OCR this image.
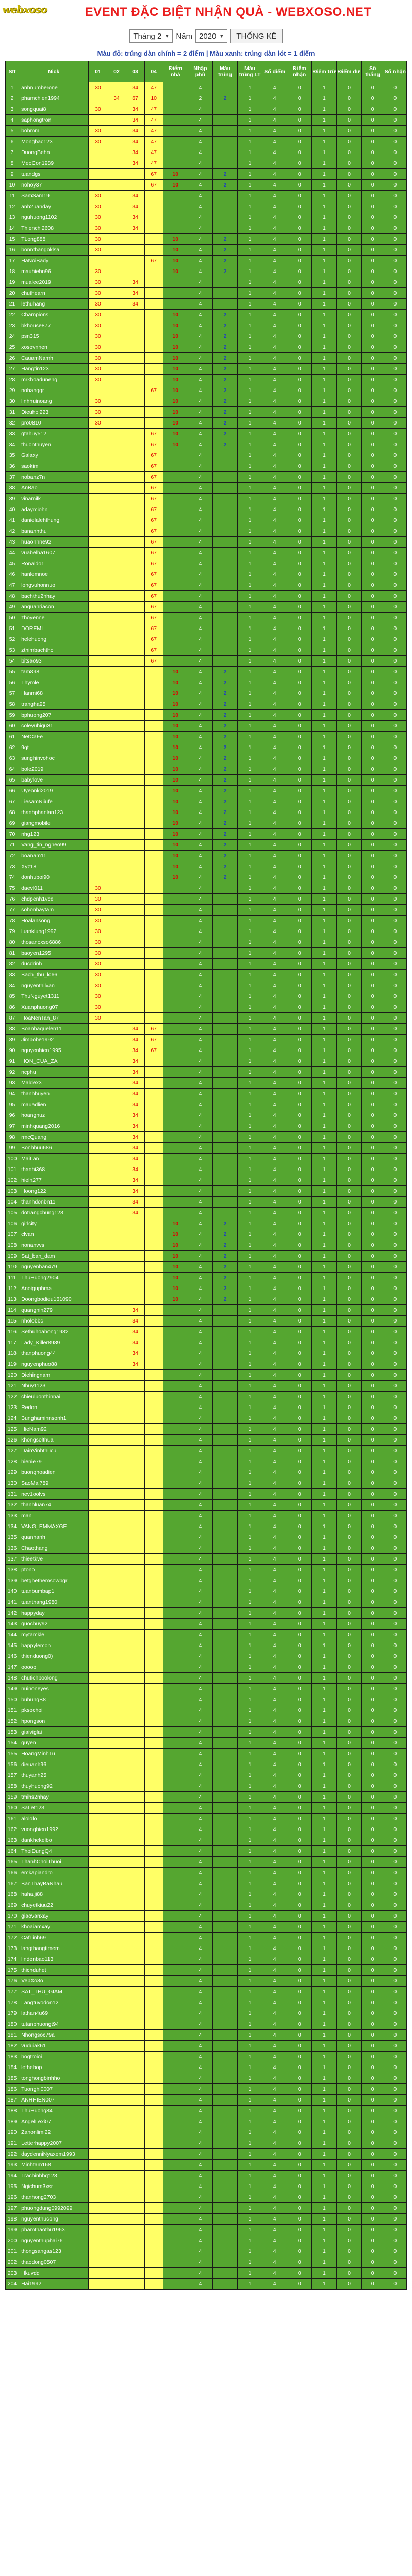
webxoso	EVENT ĐẶC BIỆT NHẬN QUÀ - WEBXOSO.NET
Tháng 2 ▼ Năm 2020 ▼	THỐNG KÊ
Màu đỏ: trúng dàn chính = 2 điểm | Màu xanh: trúng dàn lót = 1 điểm
Stt	Nick	01	02	03	04	Điểm nhà	Nhập phủ	Màu trúng	Màu trúng LT	Số điểm	Điểm nhận	Điểm trừ	Điểm dư	Số thắng	Số nhận
1	anhnumberone	30		34	47		4		1	4	0	1	0	0	0
2	phamchien1994		34	67	10		2	2	1	4	0	1	0	0	0
3	songquai8	30		34	47		4		1	4	0	1	0	0	0
4	saphongtron			34	47		4		1	4	0	1	0	0	0
5	bobmm	30		34	47		4		1	4	0	1	0	0	0
6	Mongbac123	30		34	47		4		1	4	0	1	0	0	0
7	DuongBehn			34	47		4		1	4	0	1	0	0	0
8	MeoCon1989			34	47		4		1	4	0	1	0	0	0
9	tuandgs				67	10	4	2	1	4	0	1	0	0	0
10	nohoy37				67	10	4	2	1	4	0	1	0	0	0
11	SamSam19	30		34			4		1	4	0	1	0	0	0
12	anh2uanday	30		34			4		1	4	0	1	0	0	0
13	nguhuong1102	30		34			4		1	4	0	1	0	0	0
14	Thienchi2608	30		34			4		1	4	0	1	0	0	0
15	TLong888	30				10	4	2	1	4	0	1	0	0	0
16	bonnthangoklsa	30				10	4	2	1	4	0	1	0	0	0
17	HaNoiBady				67	10	4	2	1	4	0	1	0	0	0
18	mauhiebn96	30				10	4	2	1	4	0	1	0	0	0
19	mualee2019	30		34			4		1	4	0	1	0	0	0
20	chuthearn	30		34			4		1	4	0	1	0	0	0
21	lethuhang	30		34			4		1	4	0	1	0	0	0
22	Champions	30				10	4	2	1	4	0	1	0	0	0
23	bkhouse877	30				10	4	2	1	4	0	1	0	0	0
24	psn315	30				10	4	2	1	4	0	1	0	0	0
25	xosovnnen	30				10	4	2	1	4	0	1	0	0	0
26	CauamNamh	30				10	4	2	1	4	0	1	0	0	0
27	Hangtin123	30				10	4	2	1	4	0	1	0	0	0
28	mrkhoaduneng	30				10	4	2	1	4	0	1	0	0	0
29	nohangqr				67	10	4	2	1	4	0	1	0	0	0
30	linhhuinoang	30				10	4	2	1	4	0	1	0	0	0
31	Dieuhoi223	30				10	4	2	1	4	0	1	0	0	0
32	pro0810	30				10	4	2	1	4	0	1	0	0	0
33	gtahuy512				67	10	4	2	1	4	0	1	0	0	0
34	thuonthuyen				67	10	4	2	1	4	0	1	0	0	0
35	Galaxy				67		4		1	4	0	1	0	0	0
36	saokim				67		4		1	4	0	1	0	0	0
37	nobanz7n				67		4		1	4	0	1	0	0	0
38	AnBao				67		4		1	4	0	1	0	0	0
39	vinamilk				67		4		1	4	0	1	0	0	0
40	adaymiohn				67		4		1	4	0	1	0	0	0
41	danielalehthung				67		4		1	4	0	1	0	0	0
42	bananhthu				67		4		1	4	0	1	0	0	0
43	huaonhne92				67		4		1	4	0	1	0	0	0
44	vuabelha1607				67		4		1	4	0	1	0	0	0
45	Ronaldo1				67		4		1	4	0	1	0	0	0
46	hanlemnoe				67		4		1	4	0	1	0	0	0
47	longvuhonnuo				67		4		1	4	0	1	0	0	0
48	bachthu2nhay				67		4		1	4	0	1	0	0	0
49	anquanriacon				67		4		1	4	0	1	0	0	0
50	zhoyenne				67		4		1	4	0	1	0	0	0
51	DOREMI				67		4		1	4	0	1	0	0	0
52	helehuong				67		4		1	4	0	1	0	0	0
53	zthimbachtho				67		4		1	4	0	1	0	0	0
54	bitsao93				67		4		1	4	0	1	0	0	0
55	tam898					10	4	2	1	4	0	1	0	0	0
56	Thymle					10	4	2	1	4	0	1	0	0	0
57	Hanmi68					10	4	2	1	4	0	1	0	0	0
58	trangha95					10	4	2	1	4	0	1	0	0	0
59	bphuong207					10	4	2	1	4	0	1	0	0	0
60	coleyuhiqu31					10	4	2	1	4	0	1	0	0	0
61	NetCaFe					10	4	2	1	4	0	1	0	0	0
62	9qt					10	4	2	1	4	0	1	0	0	0
63	sunghinvohoc					10	4	2	1	4	0	1	0	0	0
64	bole2019					10	4	2	1	4	0	1	0	0	0
65	babylove					10	4	2	1	4	0	1	0	0	0
66	Uyeonki2019					10	4	2	1	4	0	1	0	0	0
67	LiesamNiiufe					10	4	2	1	4	0	1	0	0	0
68	thanhphanlan123					10	4	2	1	4	0	1	0	0	0
69	giangmobile					10	4	2	1	4	0	1	0	0	0
70	nhg123					10	4	2	1	4	0	1	0	0	0
71	Vang_tin_ngheo99					10	4	2	1	4	0	1	0	0	0
72	boanam11					10	4	2	1	4	0	1	0	0	0
73	Xyz18					10	4	2	1	4	0	1	0	0	0
74	donhuboi90					10	4	2	1	4	0	1	0	0	0
75	daevl011	30					4		1	4	0	1	0	0	0
76	chdpenh1vce	30					4		1	4	0	1	0	0	0
77	sohonhaytam	30					4		1	4	0	1	0	0	0
78	Hoalansong	30					4		1	4	0	1	0	0	0
79	luanklung1992	30					4		1	4	0	1	0	0	0
80	thosanoxso6886	30					4		1	4	0	1	0	0	0
81	baoyen1295	30					4		1	4	0	1	0	0	0
82	ducdrinh	30					4		1	4	0	1	0	0	0
83	Bach_thu_lo66	30					4		1	4	0	1	0	0	0
84	nguyenthilvan	30					4		1	4	0	1	0	0	0
85	ThuNguyet1311	30					4		1	4	0	1	0	0	0
86	Xuanphuong07	30					4		1	4	0	1	0	0	0
87	HoaNenTan_87	30					4		1	4	0	1	0	0	0
88	Boanhaquelen11			34	67		4		1	4	0	1	0	0	0
89	Jimbobe1992			34	67		4		1	4	0	1	0	0	0
90	nguyenhien1995			34	67		4		1	4	0	1	0	0	0
91	HON_CUA_ZA			34			4		1	4	0	1	0	0	0
92	ncphu			34			4		1	4	0	1	0	0	0
93	Maldex3			34			4		1	4	0	1	0	0	0
94	thanhhuyen			34			4		1	4	0	1	0	0	0
95	mauadlien			34			4		1	4	0	1	0	0	0
96	hoangnuz			34			4		1	4	0	1	0	0	0
97	minhquang2016			34			4		1	4	0	1	0	0	0
98	rmcQuang			34			4		1	4	0	1	0	0	0
99	Bonhhuu686			34			4		1	4	0	1	0	0	0
100	MaiLan			34			4		1	4	0	1	0	0	0
101	thanhi368			34			4		1	4	0	1	0	0	0
102	hieln277			34			4		1	4	0	1	0	0	0
103	Hoong122			34			4		1	4	0	1	0	0	0
104	thanhdonbn11			34			4		1	4	0	1	0	0	0
105	dotrangchung123			34			4		1	4	0	1	0	0	0
106	girlcity					10	4	2	1	4	0	1	0	0	0
107	clvan					10	4	2	1	4	0	1	0	0	0
108	nonanvvs					10	4	2	1	4	0	1	0	0	0
109	Sat_ban_dam					10	4	2	1	4	0	1	0	0	0
110	nguyenhan479					10	4	2	1	4	0	1	0	0	0
111	ThuHuong2904					10	4	2	1	4	0	1	0	0	0
112	Anoiguphma					10	4	2	1	4	0	1	0	0	0
113	Doongbodieu161090					10	4	2	1	4	0	1	0	0	0
114	quangnin279			34			4		1	4	0	1	0	0	0
115	nholobbc			34			4		1	4	0	1	0	0	0
116	Sethuhoahong1982			34			4		1	4	0	1	0	0	0
117	Lady_Killer8989			34			4		1	4	0	1	0	0	0
118	thanphuong44			34			4		1	4	0	1	0	0	0
119	nguyenphuo88			34			4		1	4	0	1	0	0	0
120	Diehingnam						4		1	4	0	1	0	0	0
121	Nhuy1123						4		1	4	0	1	0	0	0
122	chieuluonthinnai						4		1	4	0	1	0	0	0
123	Redon						4		1	4	0	1	0	0	0
124	Bunghaminnsonh1						4		1	4	0	1	0	0	0
125	HieNam92						4		1	4	0	1	0	0	0
126	khongsolthua						4		1	4	0	1	0	0	0
127	DainVinhthucu						4		1	4	0	1	0	0	0
128	hienie79						4		1	4	0	1	0	0	0
129	buonghoadien						4		1	4	0	1	0	0	0
130	SaoMai789						4		1	4	0	1	0	0	0
131	nev1oolvs						4		1	4	0	1	0	0	0
132	thanhluan74						4		1	4	0	1	0	0	0
133	man						4		1	4	0	1	0	0	0
134	VANG_EMMAXGE						4		1	4	0	1	0	0	0
135	quanhanh						4		1	4	0	1	0	0	0
136	Chaothang						4		1	4	0	1	0	0	0
137	thieetkve						4		1	4	0	1	0	0	0
138	ptono						4		1	4	0	1	0	0	0
139	betghethemsowbgr						4		1	4	0	1	0	0	0
140	tuanbumbap1						4		1	4	0	1	0	0	0
141	tuanthang1980						4		1	4	0	1	0	0	0
142	happyday						4		1	4	0	1	0	0	0
143	quochuy92						4		1	4	0	1	0	0	0
144	mytamkle						4		1	4	0	1	0	0	0
145	happylemon						4		1	4	0	1	0	0	0
146	thienduong0)						4		1	4	0	1	0	0	0
147	ooooo						4		1	4	0	1	0	0	0
148	chutichboolong						4		1	4	0	1	0	0	0
149	nuinoneyes						4		1	4	0	1	0	0	0
150	buhungB8						4		1	4	0	1	0	0	0
151	pksochoi						4		1	4	0	1	0	0	0
152	hpongson						4		1	4	0	1	0	0	0
153	giaiviglai						4		1	4	0	1	0	0	0
154	guyen						4		1	4	0	1	0	0	0
155	HoangMinhTu						4		1	4	0	1	0	0	0
156	dieuanh96						4		1	4	0	1	0	0	0
157	thuyanh25						4		1	4	0	1	0	0	0
158	thuyhuong92						4		1	4	0	1	0	0	0
159	tmihs2nhay						4		1	4	0	1	0	0	0
160	SaLet123						4		1	4	0	1	0	0	0
161	alololo						4		1	4	0	1	0	0	0
162	vuonghien1992						4		1	4	0	1	0	0	0
163	dankhekelbo						4		1	4	0	1	0	0	0
164	ThoiDungQ4						4		1	4	0	1	0	0	0
165	ThanhChoiThuoi						4		1	4	0	1	0	0	0
166	emkapiandro						4		1	4	0	1	0	0	0
167	BanThayBaNhau						4		1	4	0	1	0	0	0
168	hahaiji88						4		1	4	0	1	0	0	0
169	chuyetkiuu22						4		1	4	0	1	0	0	0
170	giaovanxay						4		1	4	0	1	0	0	0
171	khoaiamxay						4		1	4	0	1	0	0	0
172	CafLinh69						4		1	4	0	1	0	0	0
173	langthangtimem						4		1	4	0	1	0	0	0
174	lindenbao113						4		1	4	0	1	0	0	0
175	thichduhet						4		1	4	0	1	0	0	0
176	VepXo3o						4		1	4	0	1	0	0	0
177	SAT_THU_GIAM						4		1	4	0	1	0	0	0
178	Langtuvodon12						4		1	4	0	1	0	0	0
179	lathan4u69						4		1	4	0	1	0	0	0
180	tutanphuongt94						4		1	4	0	1	0	0	0
181	Nhongsoc79a						4		1	4	0	1	0	0	0
182	vuduiak61						4		1	4	0	1	0	0	0
183	hogtroioi						4		1	4	0	1	0	0	0
184	lethebop						4		1	4	0	1	0	0	0
185	tonghongbinhho						4		1	4	0	1	0	0	0
186	Tuonghi0007						4		1	4	0	1	0	0	0
187	ANHHIEN007						4		1	4	0	1	0	0	0
188	ThuHuong84						4		1	4	0	1	0	0	0
189	AngelLexi07						4		1	4	0	1	0	0	0
190	Zanonlimi22						4		1	4	0	1	0	0	0
191	Letterhappy2007						4		1	4	0	1	0	0	0
192	daydenniNyaxem1993						4		1	4	0	1	0	0	0
193	Minhtam168						4		1	4	0	1	0	0	0
194	Trachinhhq123						4		1	4	0	1	0	0	0
195	Ngichum3xsr						4		1	4	0	1	0	0	0
196	thanhong2703						4		1	4	0	1	0	0	0
197	phuongdung0992099						4		1	4	0	1	0	0	0
198	nguyenthucong						4		1	4	0	1	0	0	0
199	phamthaothu1963						4		1	4	0	1	0	0	0
200	nguyenthuphai76						4		1	4	0	1	0	0	0
201	thongsangas123						4		1	4	0	1	0	0	0
202	thaodong0507						4		1	4	0	1	0	0	0
203	Hkuvdd						4		1	4	0	1	0	0	0
204	Hai1992						4		1	4	0	1	0	0	0
